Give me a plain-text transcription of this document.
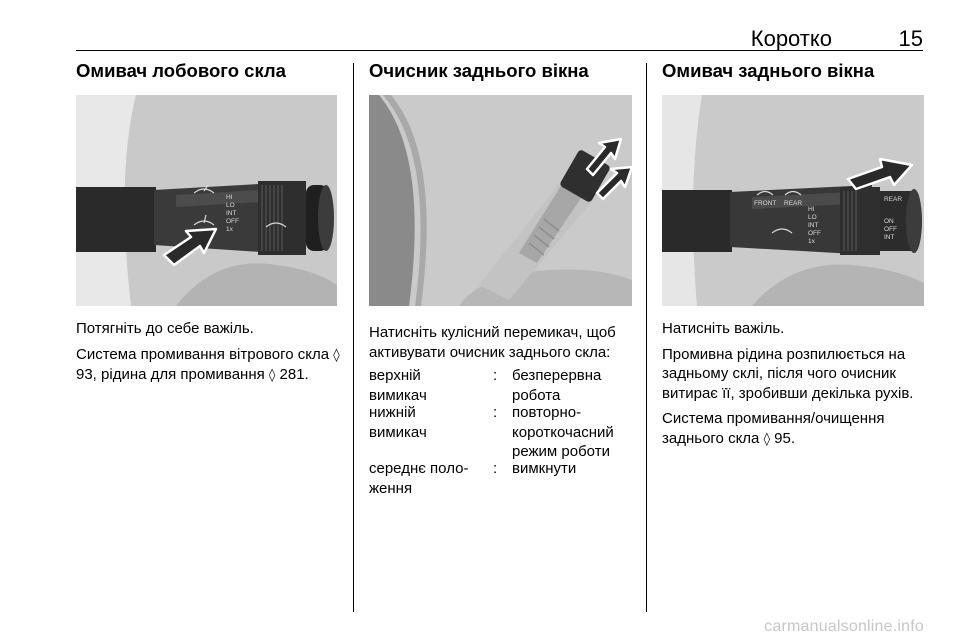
Коротко	15
Омивач лобового скла
HI
LO
INT
OFF
1x

Потягніть до себе важіль.

Система промивання вітрового скла ◊ 93, рідина для промивання ◊ 281.

Очисник заднього вікна
Натисніть кулісний перемикач, щоб активувати очисник заднього скла:
верхній	: безперервна
вимикач	робота
нижній	: повторно-
вимикач	короткочасний
режим роботи
середнє поло-	: вимкнути
ження
Омивач заднього вікна
FRONT REAR
HI
LO
INT
OFF
1x
REAR
ON
OFF
INT

Натисніть важіль.

Промивна рідина розпилюється на задньому склі, після чого очисник витирає її, зробивши декілька рухів.

Система промивання/очищення заднього скла ◊ 95.

carmanualsonline.info
